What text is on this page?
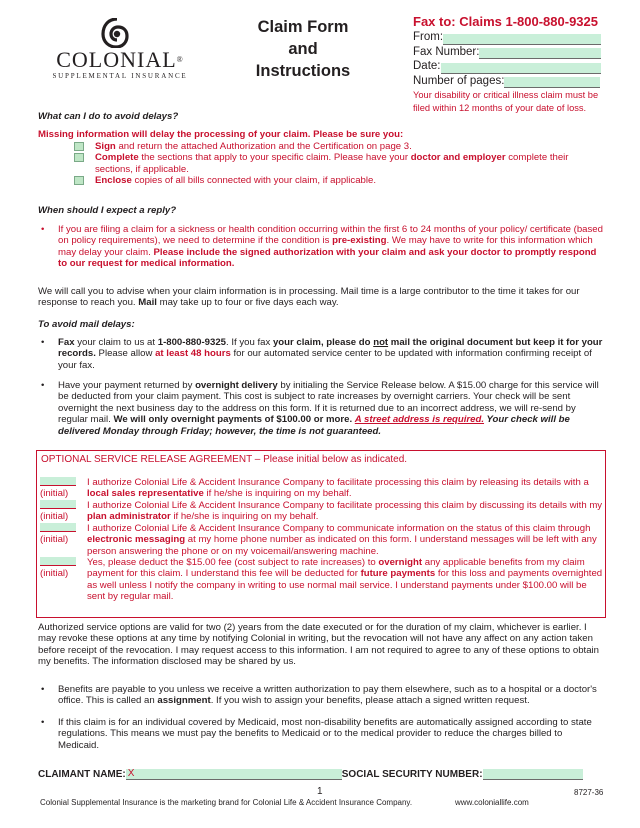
COLONIAL®
SUPPLEMENTAL INSURANCE
Claim Form
and
Instructions
Fax to: Claims 1-800-880-9325
From:
Fax Number:
Date:
Number of pages:
Your disability or critical illness claim must be filed within 12 months of your date of loss.
What can I do to avoid delays?
Missing information will delay the processing of your claim. Please be sure you:
Sign and return the attached Authorization and the Certification on page 3.
Complete the sections that apply to your specific claim. Please have your doctor and employer complete their sections, if applicable.
Enclose copies of all bills connected with your claim, if applicable.
When should I expect a reply?
• If you are filing a claim for a sickness or health condition occurring within the first 6 to 24 months of your policy/ certificate (based on policy requirements), we need to determine if the condition is pre-existing. We may have to write for this information which may delay your claim. Please include the signed authorization with your claim and ask your doctor to promptly respond to our request for medical information.
We will call you to advise when your claim information is in processing. Mail time is a large contributor to the time it takes for our response to reach you. Mail may take up to four or five days each way.
To avoid mail delays:
• Fax your claim to us at 1-800-880-9325. If you fax your claim, please do not mail the original document but keep it for your records. Please allow at least 48 hours for our automated service center to be updated with information confirming receipt of your fax.
• Have your payment returned by overnight delivery by initialing the Service Release below. A $15.00 charge for this service will be deducted from your claim payment. This cost is subject to rate increases by overnight carriers. Your check will be sent overnight the next business day to the address on this form. If it is returned due to an incorrect address, we will re-send by regular mail. We will only overnight payments of $100.00 or more. A street address is required. Your check will be delivered Monday through Friday; however, the time is not guaranteed.
OPTIONAL SERVICE RELEASE AGREEMENT – Please initial below as indicated.
(initial)
I authorize Colonial Life & Accident Insurance Company to facilitate processing this claim by releasing its details with a local sales representative if he/she is inquiring on my behalf.
(initial)
I authorize Colonial Life & Accident Insurance Company to facilitate processing this claim by discussing its details with my plan administrator if he/she is inquiring on my behalf.
(initial)
I authorize Colonial Life & Accident Insurance Company to communicate information on the status of this claim through electronic messaging at my home phone number as indicated on this form. I understand messages will be left with any person answering the phone or on my voicemail/answering machine.
(initial)
Yes, please deduct the $15.00 fee (cost subject to rate increases) to overnight any applicable benefits from my claim payment for this claim. I understand this fee will be deducted for future payments for this loss and payments overnighted as well unless I notify the company in writing to use normal mail service. I understand payments under $100.00 will be sent by regular mail.
Authorized service options are valid for two (2) years from the date executed or for the duration of my claim, whichever is earlier. I may revoke these options at any time by notifying Colonial in writing, but the revocation will not have any affect on any action taken before receipt of the revocation. I may request access to this information. I am not required to agree to any of these options to obtain my benefits. The information disclosed may be shared by us.
• Benefits are payable to you unless we receive a written authorization to pay them elsewhere, such as to a hospital or a doctor's office. This is called an assignment. If you wish to assign your benefits, please attach a signed written request.
• If this claim is for an individual covered by Medicaid, most non-disability benefits are automatically assigned according to state regulations. This means we must pay the benefits to Medicaid or to the medical provider to reduce the charges billed to Medicaid.
CLAIMANT NAME: X	SOCIAL SECURITY NUMBER:
1	8727-36
Colonial Supplemental Insurance is the marketing brand for Colonial Life & Accident Insurance Company.	www.coloniallife.com
